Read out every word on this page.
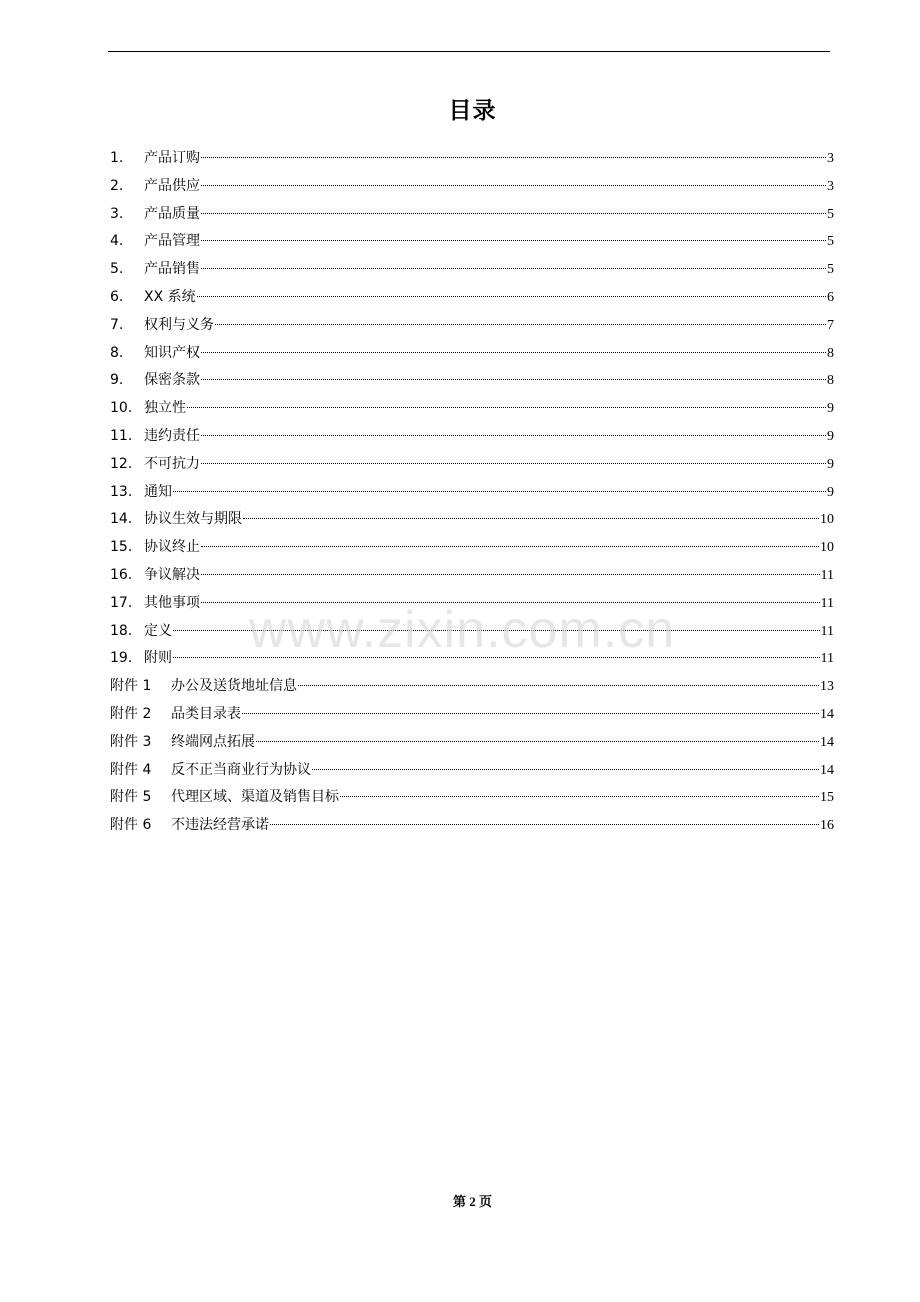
目录
1.	产品订购	3
2.	产品供应	3
3.	产品质量	5
4.	产品管理	5
5.	产品销售	5
6.	XX 系统	6
7.	权利与义务	7
8.	知识产权	8
9.	保密条款	8
10. 独立性	9
11. 违约责任	9
12. 不可抗力	9
13. 通知	9
14. 协议生效与期限	10
15. 协议终止	10
16. 争议解决	11
17. 其他事项	11
18. 定义	11
19. 附则	11
附件 1	办公及送货地址信息	13
附件 2	品类目录表	14
附件 3	终端网点拓展	14
附件 4	反不正当商业行为协议	14
附件 5	代理区域、渠道及销售目标	15
附件 6	不违法经营承诺	16
www.zixin.com.cn
第 2 页
